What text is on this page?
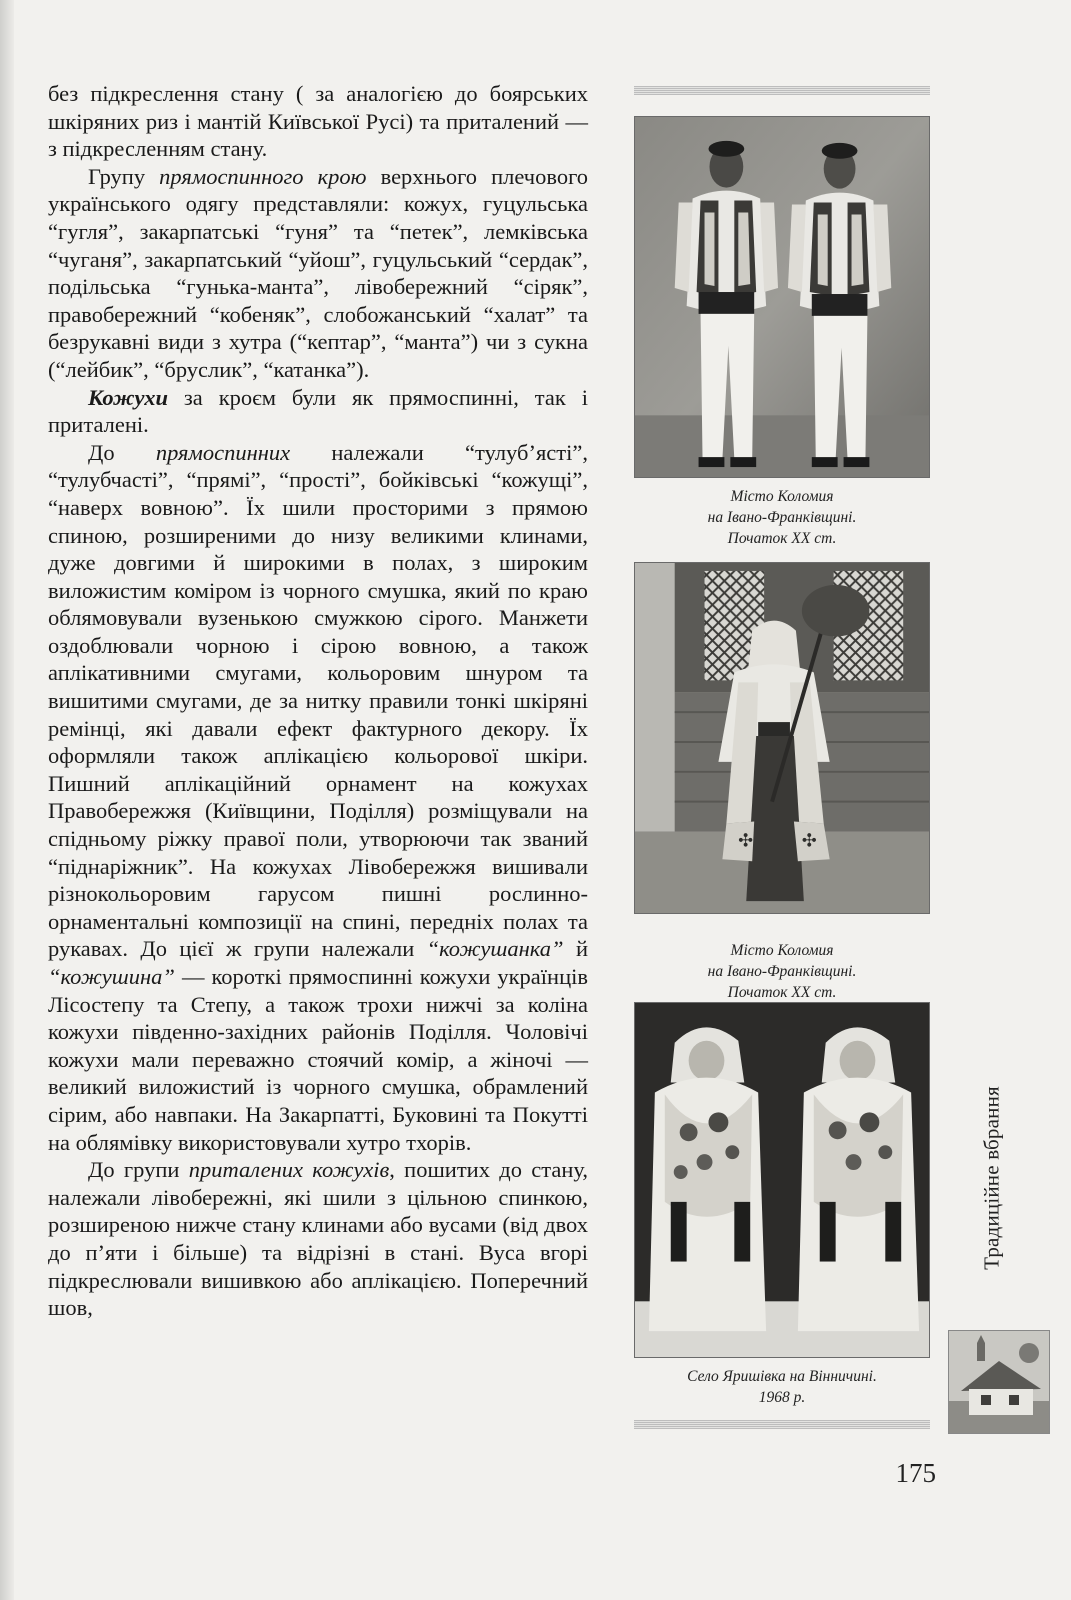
без підкреслення стану ( за аналогією до боярських шкіряних риз і мантій Київської Русі) та приталений — з підкресленням стану.

Групу прямоспинного крою верхнього плечового українського одягу представляли: кожух, гуцульська “гугля”, закарпатські “гуня” та “петек”, лемківська “чуганя”, закарпатський “уйош”, гуцульський “сердак”, подільська “гунька-манта”, лівобережний “сіряк”, правобережний “кобеняк”, слобожанський “халат” та безрукавні види з хутра (“кептар”, “манта”) чи з сукна (“лейбик”, “бруслик”, “катанка”).

Кожухи за кроєм були як прямоспинні, так і приталені.

До прямоспинних належали “тулуб’ясті”, “тулубчасті”, “прямі”, “прості”, бойківські “кожущі”, “наверх вовною”. Їх шили просторими з прямою спиною, розширеними до низу великими клинами, дуже довгими й широкими в полах, з широким виложистим коміром із чорного смушка, який по краю облямовували вузенькою смужкою сірого. Манжети оздоблювали чорною і сірою вовною, а також аплікативними смугами, кольоровим шнуром та вишитими смугами, де за нитку правили тонкі шкіряні ремінці, які давали ефект фактурного декору. Їх оформляли також аплікацією кольорової шкіри. Пишний аплікаційний орнамент на кожухах Правобережжя (Київщини, Поділля) розміщували на спідньому ріжку правої поли, утворюючи так званий “піднаріжник”. На кожухах Лівобережжя вишивали різнокольоровим гарусом пишні рослинно-орнаментальні композиції на спині, передніх полах та рукавах. До цієї ж групи належали “кожушанка” й “кожушина” — короткі прямоспинні кожухи українців Лісостепу та Степу, а також трохи нижчі за коліна кожухи південно-західних районів Поділля. Чоловічі кожухи мали переважно стоячий комір, а жіночі — великий виложистий із чорного смушка, обрамлений сірим, або навпаки. На Закарпатті, Буковині та Покутті на облямівку використовували хутро тхорів.

До групи приталених кожухів, пошитих до стану, належали лівобережні, які шили з цільною спинкою, розширеною нижче стану клинами або вусами (від двох до п’яти і більше) та відрізні в стані. Вуса вгорі підкреслювали вишивкою або аплікацією. Поперечний шов,

Місто Коломия
на Івано-Франківщині.
Початок XX ст.
✣	✣
Місто Коломия
на Івано-Франківщині.
Початок XX ст.
Село Яришівка на Вінничині.
1968 р.
Традиційне вбрання
175
